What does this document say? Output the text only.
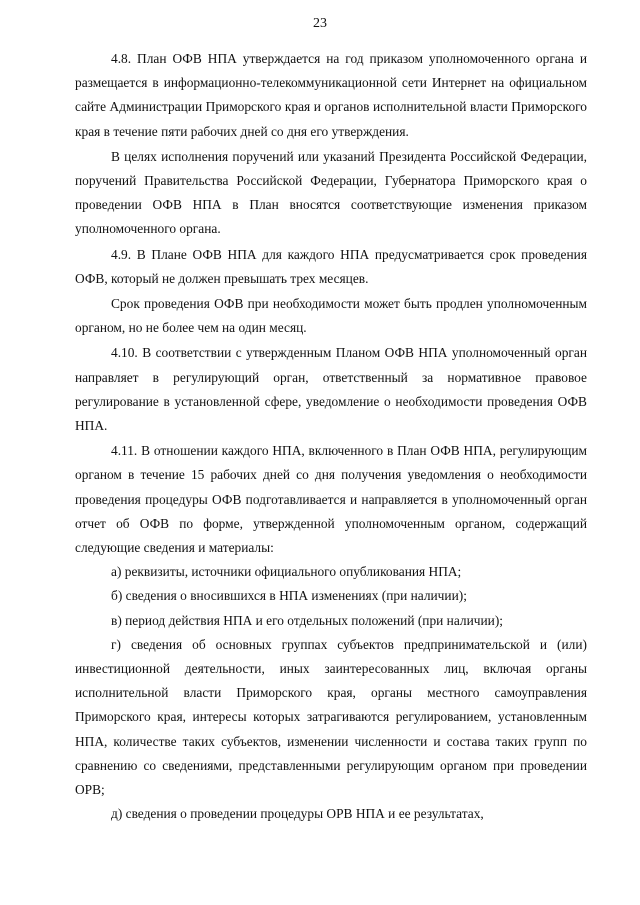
23

4.8. План ОФВ НПА утверждается на год приказом уполномоченного органа и размещается в информационно-телекоммуникационной сети Интернет на официальном сайте Администрации Приморского края и органов исполнительной власти Приморского края в течение пяти рабочих дней со дня его утверждения.

В целях исполнения поручений или указаний Президента Российской Федерации, поручений Правительства Российской Федерации, Губернатора Приморского края о проведении ОФВ НПА в План вносятся соответствующие изменения приказом уполномоченного органа.

4.9. В Плане ОФВ НПА для каждого НПА предусматривается срок проведения ОФВ, который не должен превышать трех месяцев.

Срок проведения ОФВ при необходимости может быть продлен уполномоченным органом, но не более чем на один месяц.

4.10. В соответствии с утвержденным Планом ОФВ НПА уполномоченный орган направляет в регулирующий орган, ответственный за нормативное правовое регулирование в установленной сфере, уведомление о необходимости проведения ОФВ НПА.

4.11. В отношении каждого НПА, включенного в План ОФВ НПА, регулирующим органом в течение 15 рабочих дней со дня получения уведомления о необходимости проведения процедуры ОФВ подготавливается и направляется в уполномоченный орган отчет об ОФВ по форме, утвержденной уполномоченным органом, содержащий следующие сведения и материалы:

а) реквизиты, источники официального опубликования НПА;

б) сведения о вносившихся в НПА изменениях (при наличии);

в) период действия НПА и его отдельных положений (при наличии);

г) сведения об основных группах субъектов предпринимательской и (или) инвестиционной деятельности, иных заинтересованных лиц, включая органы исполнительной власти Приморского края, органы местного самоуправления Приморского края, интересы которых затрагиваются регулированием, установленным НПА, количестве таких субъектов, изменении численности и состава таких групп по сравнению со сведениями, представленными регулирующим органом при проведении ОРВ;

д) сведения о проведении процедуры ОРВ НПА и ее результатах,
